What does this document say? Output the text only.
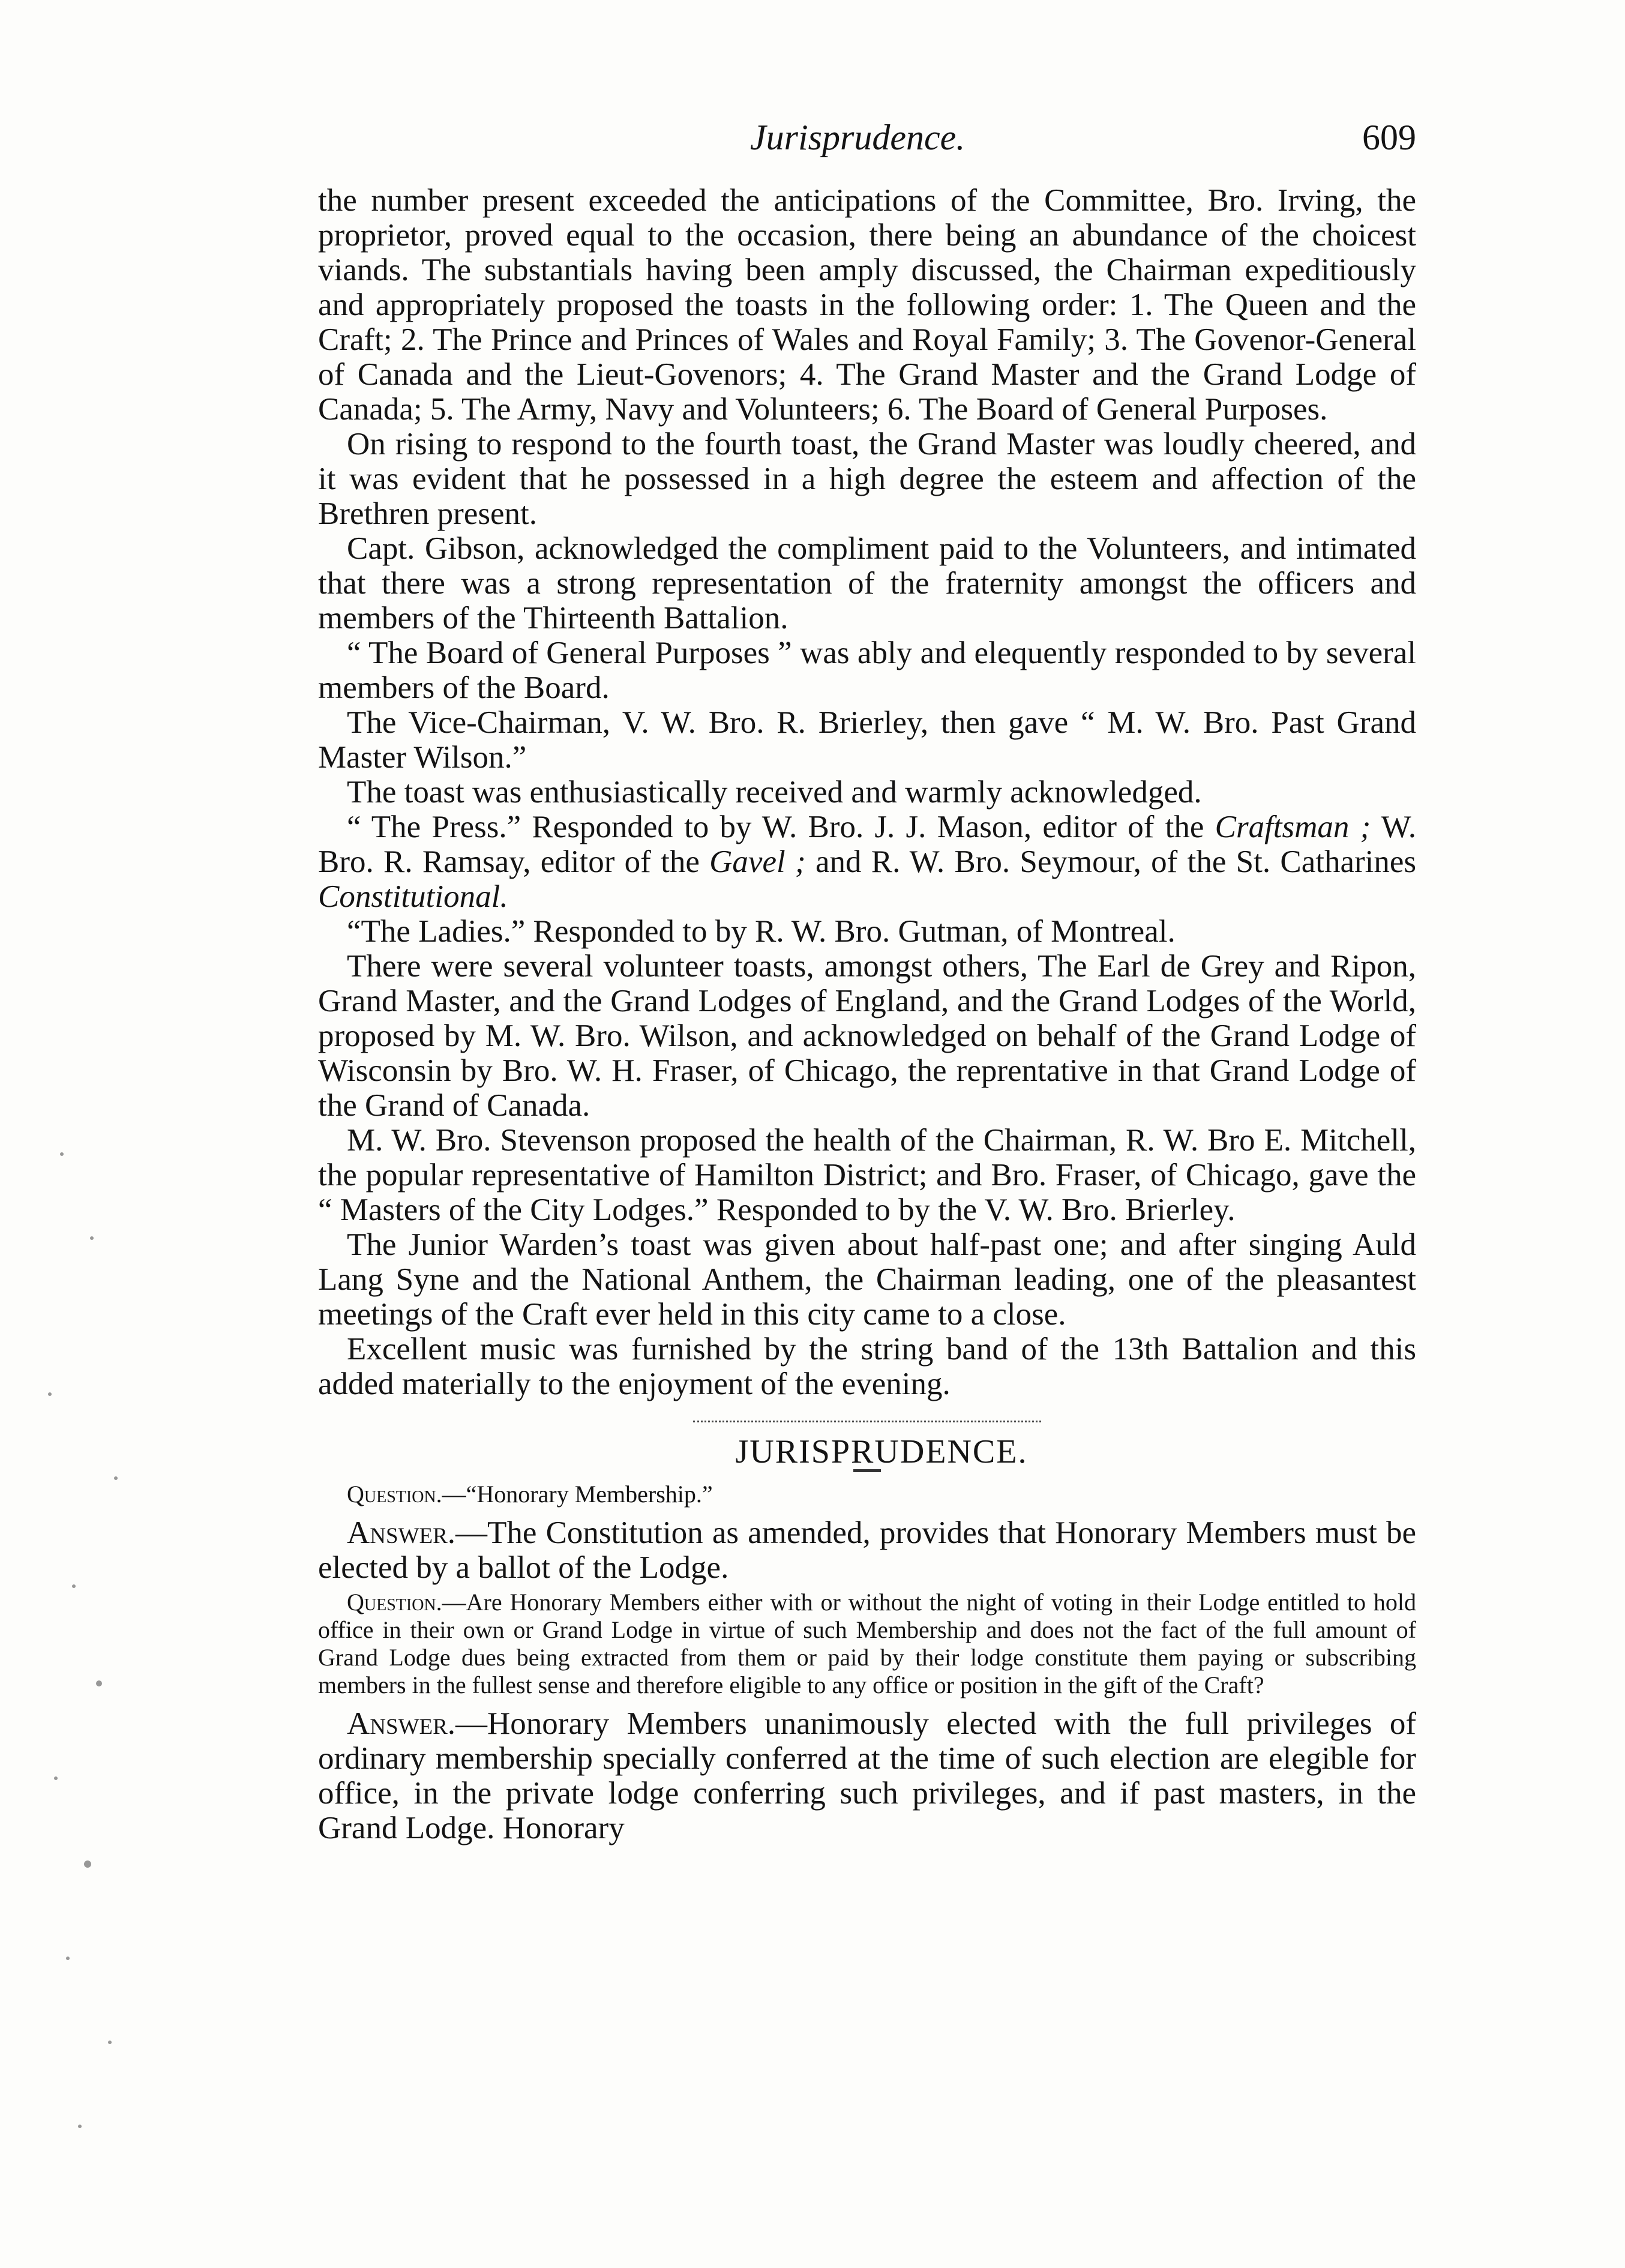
Jurisprudence.	609

the number present exceeded the anticipations of the Committee, Bro. Irving, the proprietor, proved equal to the occasion, there being an abundance of the choicest viands. The substantials having been amply discussed, the Chairman expeditiously and appropriately proposed the toasts in the following order: 1. The Queen and the Craft; 2. The Prince and Princes of Wales and Royal Family; 3. The Govenor-General of Canada and the Lieut-Govenors; 4. The Grand Master and the Grand Lodge of Canada; 5. The Army, Navy and Volunteers; 6. The Board of General Purposes.

On rising to respond to the fourth toast, the Grand Master was loudly cheered, and it was evident that he possessed in a high degree the esteem and affection of the Brethren present.

Capt. Gibson, acknowledged the compliment paid to the Volunteers, and intimated that there was a strong representation of the fraternity amongst the officers and members of the Thirteenth Battalion.

“ The Board of General Purposes ” was ably and elequently responded to by several members of the Board.

The Vice-Chairman, V. W. Bro. R. Brierley, then gave “ M. W. Bro. Past Grand Master Wilson.”

The toast was enthusiastically received and warmly acknowledged.

“ The Press.” Responded to by W. Bro. J. J. Mason, editor of the Craftsman ; W. Bro. R. Ramsay, editor of the Gavel ; and R. W. Bro. Seymour, of the St. Catharines Constitutional.

“The Ladies.” Responded to by R. W. Bro. Gutman, of Montreal.

There were several volunteer toasts, amongst others, The Earl de Grey and Ripon, Grand Master, and the Grand Lodges of England, and the Grand Lodges of the World, proposed by M. W. Bro. Wilson, and acknowledged on behalf of the Grand Lodge of Wisconsin by Bro. W. H. Fraser, of Chicago, the reprentative in that Grand Lodge of the Grand of Canada.

M. W. Bro. Stevenson proposed the health of the Chairman, R. W. Bro E. Mitchell, the popular representative of Hamilton District; and Bro. Fraser, of Chicago, gave the “ Masters of the City Lodges.” Responded to by the V. W. Bro. Brierley.

The Junior Warden’s toast was given about half-past one; and after singing Auld Lang Syne and the National Anthem, the Chairman leading, one of the pleasantest meetings of the Craft ever held in this city came to a close.

Excellent music was furnished by the string band of the 13th Battalion and this added materially to the enjoyment of the evening.

JURISPRUDENCE.

Question.—“Honorary Membership.”

Answer.—The Constitution as amended, provides that Honorary Members must be elected by a ballot of the Lodge.

Question.—Are Honorary Members either with or without the night of voting in their Lodge entitled to hold office in their own or Grand Lodge in virtue of such Membership and does not the fact of the full amount of Grand Lodge dues being extracted from them or paid by their lodge constitute them paying or subscribing members in the fullest sense and therefore eligible to any office or position in the gift of the Craft?

Answer.—Honorary Members unanimously elected with the full privileges of ordinary membership specially conferred at the time of such election are elegible for office, in the private lodge conferring such privileges, and if past masters, in the Grand Lodge. Honorary
